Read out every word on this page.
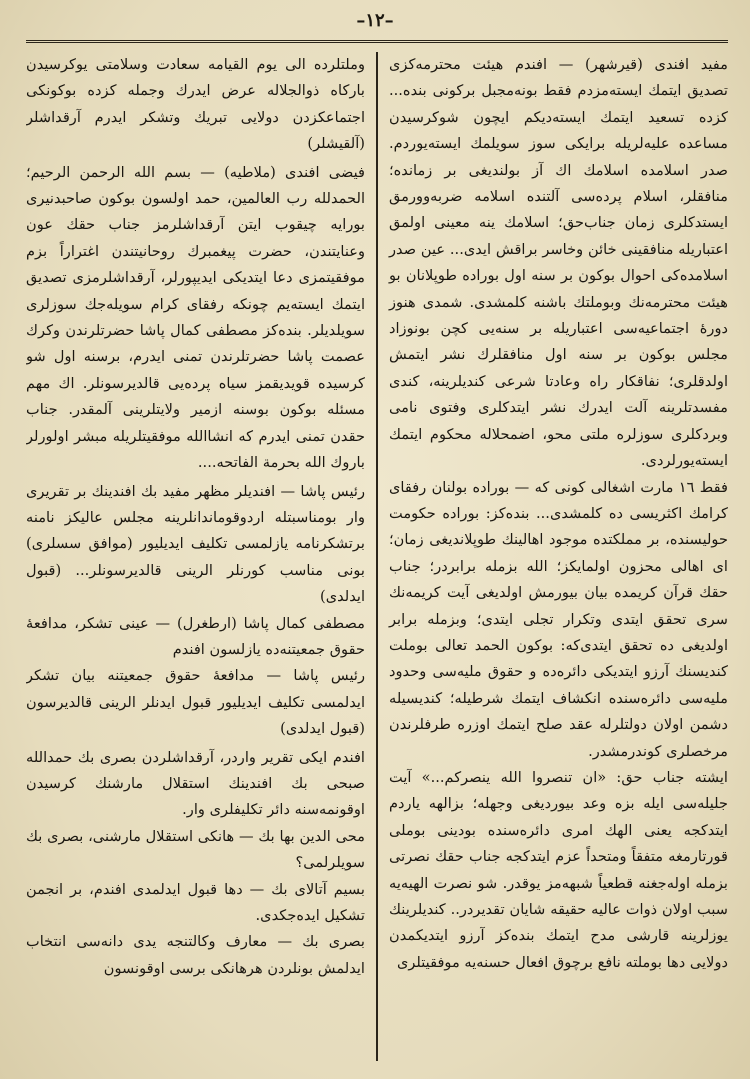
–۱۲–

مفید افندی (قیرشهر) — افندم هیئت محترمه‌کزی تصدیق ایتمك ایسته‌مزدم فقط بونه‌مجبل برکونی بنده‌... کزده تسعید ایتمك ایسته‌دیکم ایچون شوکرسیدن مساعده علیه‌لریله برایکی سوز سویلمك ایسته‌یوردم. صدر اسلامده اسلامك اك آز بولندیغی بر زمانده؛ منافقلر، اسلام پرده‌سی آلتنده اسلامه ضربه‌وورمق ایستدكلری زمان جناب‌حق؛ اسلامك ینه معینی اولمق اعتباریله منافقینی خائن وخاسر براقش ایدی... عین صدر اسلامده‌کی احوال بوکون بر سنه اول بوراده طوپلانان بو هیئت محترمه‌نك وبوملتك باشنه کلمشدی. شمدی هنوز دورهٔ اجتماعیه‌سی اعتباریله بر سنه‌یی کچن بونوزاد مجلس بوکون بر سنه اول منافقلرك نشر ایتمش اولدقلری؛ نفاقکار راه وعادتا شرعی کندیلرینه، کندی مفسدتلرینه آلت ایدرك نشر ایتدکلری وفتوی نامی وبردکلری سوزلره ملتی محو، اضمحلاله محکوم ایتمك ایسته‌یورلردی.

فقط ۱٦ مارت اشغالی کونی که — بوراده بولنان رفقای کرامك اکثریسی ده کلمشدی... بنده‌کز: بوراده حکومت حولیسنده، بر مملکتده موجود اهالینك طوپلاندیغی زمان؛ ای اهالی محزون اولمایکز؛ الله بزمله برابردر؛ جناب حقك قرآن کریمده بیان بیورمش اولدیغی آیت کریمه‌نك سری تحقق ایتدی وتکرار تجلی ایتدی؛ وبزمله برابر اولدیغی ده تحقق ایتدی‌که: بوکون الحمد تعالی بوملت کندیسنك آرزو ایتدیکی دائره‌ده و حقوق ملیه‌سی وحدود ملیه‌سی دائره‌سنده انکشاف ایتمك شرطیله؛ کندیسیله دشمن اولان دولتلرله عقد صلح ایتمك اوزره طرفلرندن مرخصلری کوندرمشدر.

ایشته جناب حق: «ان تنصروا الله ینصرکم...» آیت جلیله‌سی ایله بزه وعد بیوردیغی وجهله؛ بزالهه یاردم ایتدکجه یعنی الهك امری دائره‌سنده بودینی بوملی قورتارمغه متفقاً ومتحداً عزم ایتدکجه جناب حقك نصرتی بزمله اوله‌جغنه قطعیاً شبهه‌مز یوقدر. شو نصرت الهیه‌یه سبب اولان ذوات عالیه حقیقه شایان تقدیردر.. کندیلرینك یوزلرینه قارشی مدح ایتمك بنده‌کز آرزو ایتدیکمدن دولایی دها بوملته نافع برچوق افعال حسنه‌یه موفقیتلری

وملتلرده الی یوم القیامه سعادت وسلامتی یوکرسیدن بارکاه ذوالجلاله عرض ایدرك وجمله کزده بوکونکی اجتماعکزدن دولایی تبریك وتشکر ایدرم آرقداشلر (آلقیشلر)

فیضی افندی (ملاطیه) — بسم الله الرحمن الرحیم؛ الحمدلله رب العالمین، حمد اولسون بوکون صاحبدنیری بورایه چیقوب ایتن آرقداشلرمز جناب حقك عون وعنایتندن، حضرت پیغمبرك روحانیتندن اغتراراً بزم موفقیتمزی دعا ایتدیکی ایدیپورلر، آرقداشلرمزی تصدیق ایتمك ایسته‌یم چونکه رفقای کرام سویله‌جك سوزلری سویلدیلر. بنده‌کز مصطفی کمال پاشا حضرتلرندن وکرك عصمت پاشا حضرتلرندن تمنی ایدرم، برسنه اول شو کرسیده قویدیقمز سیاه پرده‌یی قالدیرسونلر. اك مهم مسئله بوکون بوسنه ازمیر ولایتلرینی آلمقدر. جناب حقدن تمنی ایدرم که انشاالله موفقیتلریله مبشر اولورلر باروك الله بحرمة الفاتحه....

رئیس پاشا — افندیلر مظهر مفید بك افندینك بر تقریری وار بومناسبتله اردوقوماندانلرینه مجلس عالیکز نامنه برتشکرنامه یازلمسی تکلیف ایدیلیور (موافق سسلری) بونی مناسب کورنلر الرینی قالدیرسونلر... (قبول ایدلدی)

مصطفی کمال پاشا (ارطغرل) — عینی تشکر، مدافعهٔ حقوق جمعیتنه‌ده یازلسون افندم

رئیس پاشا — مدافعهٔ حقوق جمعیتنه بیان تشکر ایدلمسی تکلیف ایدیلیور قبول ایدنلر الرینی قالدیرسون (قبول ایدلدی)

افندم ایکی تقریر واردر، آرقداشلردن بصری بك حمدالله صبحی بك افندینك استقلال مارشنك کرسیدن اوقونمه‌سنه دائر تکلیفلری وار.

محی الدین بها بك — هانکی استقلال مارشنی، بصری بك سویلرلمی؟

بسیم آتالای بك — دها قبول ایدلمدی افندم، بر انجمن تشکیل ایده‌جکدی.

بصری بك — معارف وکالتنجه یدی دانه‌سی انتخاب ایدلمش بونلردن هرهانکی برسی اوقونسون
